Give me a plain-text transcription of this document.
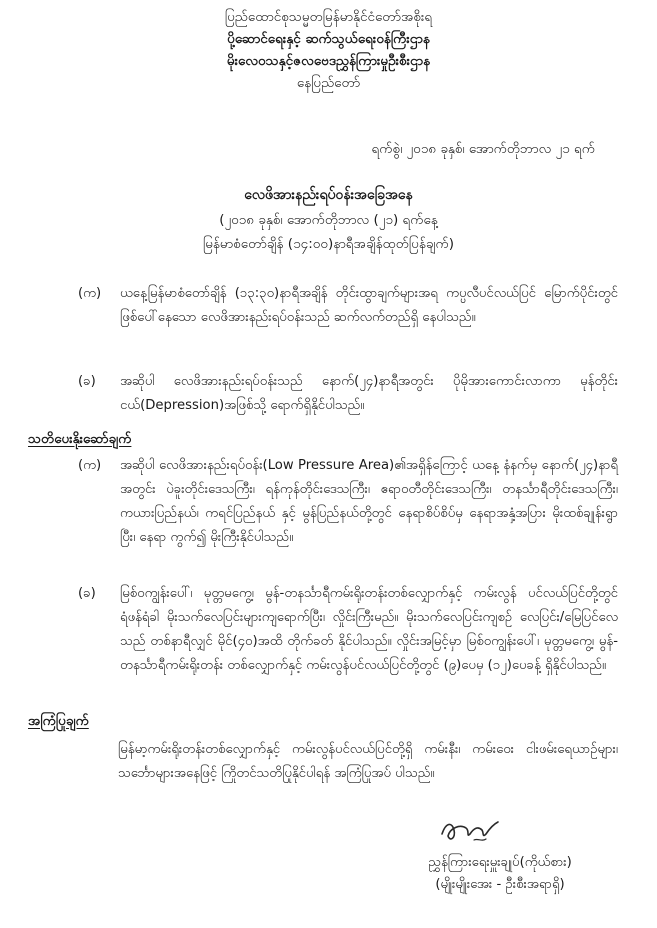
ပြည်ထောင်စုသမ္မတမြန်မာနိုင်ငံတော်အစိုးရ
ပို့ဆောင်ရေးနှင့် ဆက်သွယ်ရေးဝန်ကြီးဌာန
မိုးလေဝသနှင့်ဇလဗေဒညွှန်ကြားမှုဦးစီးဌာန
နေပြည်တော်
ရက်စွဲ၊ ၂၀၁၈ ခုနှစ်၊ အောက်တိုဘာလ ၂၁ ရက်
လေဖိအားနည်းရပ်ဝန်းအခြေအနေ
(၂၀၁၈ ခုနှစ်၊ အောက်တိုဘာလ (၂၁) ရက်နေ့
မြန်မာစံတော်ချိန် (၁၄:၀၀)နာရီအချိန်ထုတ်ပြန်ချက်)
(က)	ယနေ့မြန်မာစံတော်ချိန် (၁၃:၃၀)နာရီအချိန် တိုင်းထွာချက်များအရ ကပ္ပလီပင်လယ်ပြင် မြောက်ပိုင်းတွင် ဖြစ်ပေါ်နေသော လေဖိအားနည်းရပ်ဝန်းသည် ဆက်လက်တည်ရှိ နေပါသည်။
(ခ)	အဆိုပါ လေဖိအားနည်းရပ်ဝန်းသည် နောက်(၂၄)နာရီအတွင်း ပိုမိုအားကောင်းလာကာ မုန်တိုင်းငယ်(Depression)အဖြစ်သို့ ရောက်ရှိနိုင်ပါသည်။
သတိပေးနိုးဆော်ချက်
(က)	အဆိုပါ လေဖိအားနည်းရပ်ဝန်း(Low Pressure Area)၏အရှိန်ကြောင့် ယနေ့ နံနက်မှ နောက်(၂၄)နာရီအတွင်း ပဲခူးတိုင်းဒေသကြီး၊ ရန်ကုန်တိုင်းဒေသကြီး၊ ဧရာဝတီတိုင်းဒေသကြီး၊ တနင်္သာရီတိုင်းဒေသကြီး၊ ကယားပြည်နယ်၊ ကရင်ပြည်နယ် နှင့် မွန်ပြည်နယ်တို့တွင် နေရာစိပ်စိပ်မှ နေရာအနှံ့အပြား မိုးထစ်ချုန်းရွာပြီး၊ နေရာ ကွက်၍ မိုးကြီးနိုင်ပါသည်။
(ခ)	မြစ်ဝကျွန်းပေါ်၊ မုတ္တမကွေ့၊ မွန်-တနင်္သာရီကမ်းရိုးတန်းတစ်လျှောက်နှင့် ကမ်းလွန် ပင်လယ်ပြင်တို့တွင် ရံဖန်ရံခါ မိုးသက်လေပြင်းများကျရောက်ပြီး၊ လှိုင်းကြီးမည်။ မိုးသက်လေပြင်းကျစဉ် လေပြင်း/မြေပြင်လေသည် တစ်နာရီလျှင် မိုင်(၄၀)အထိ တိုက်ခတ် နိုင်ပါသည်။ လှိုင်းအမြင့်မှာ မြစ်ဝကျွန်းပေါ်၊ မုတ္တမကွေ့၊ မွန်-တနင်္သာရီကမ်းရိုးတန်း တစ်လျှောက်နှင့် ကမ်းလွန်ပင်လယ်ပြင်တို့တွင် (၉)ပေမှ (၁၂)ပေခန့် ရှိနိုင်ပါသည်။
အကြံပြုချက်
မြန်မာ့ကမ်းရိုးတန်းတစ်လျှောက်နှင့် ကမ်းလွန်ပင်လယ်ပြင်တို့ရှိ ကမ်းနီး၊ ကမ်းဝေး ငါးဖမ်းရေယာဉ်များ၊ သင်္ဘောများအနေဖြင့် ကြိုတင်သတိပြုနိုင်ပါရန် အကြံပြုအပ် ပါသည်။
ညွှန်ကြားရေးမှူးချုပ်(ကိုယ်စား)
(မျိုးမျိုးအေး - ဦးစီးအရာရှိ)
